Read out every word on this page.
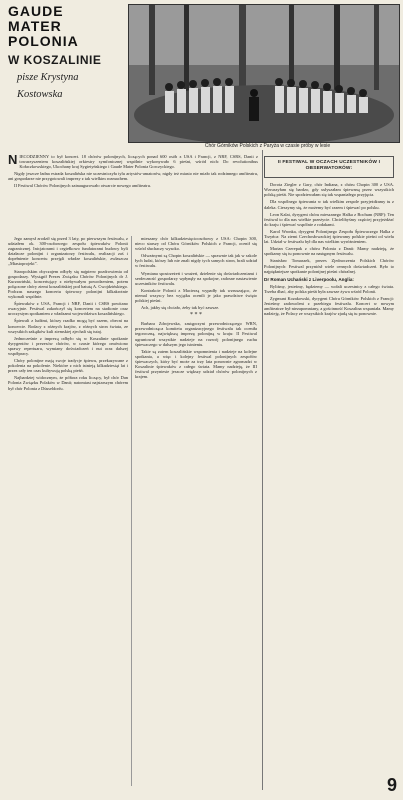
GAUDE
MATER
POLONIA
W KOSZALINIE
pisze Krystyna
Kostowska
Chór Górników Polskich z Paryża w czasie próby w lesie

NIECODZIENNY to był koncert. 18 chórów polonijnych, liczących ponad 600 osób z USA i Francji, z NRF, CSRS, Danii z towarzyszeniem koszalińskiej orkiestry symfonicznej wspólnie wykonywało 6 pieśni, wśród nich: Do revolutionibus Kołaczkowskiego, Ukochany kraj Sygietyńskiego i Gaude Mater Polonia Gorczyckiego.

Nigdy jeszcze ładna estrada koszalińska nie uczestniczyła tylu artystów-amatorów, nigdy też miasto nie miało tak rodzinnego amfiteatru, ani gospodarze nie przygotowali imprezy z tak wielkim rozmachem.

II Festiwal Chórów Polonijnych zainaugurowało otwarcie nowego amfiteatru.

Jego zamysł zrodził się przed 3 laty, po pierwszym festiwalu, z udziałem ok. 300-osobowego zespołu śpiewaków Polonii zagranicznej. Inicjatorami i cegiełkowo fundatorami budowy byli działacze polonijni i organizatorzy festiwalu, realizacji zaś i dopełnienie koncertu przejęli władze koszalińskie, zwłaszcza „Miastoprojekt”.

Staropolskim obyczajem odbyły się najpierw pozdrowienia od gospodarzy. Wystąpił Prezes Związku Chórów Polonijnych dr J. Kurzawiński, koncertujący z niebywałym powodzeniem, potem połączone chóry ziemi koszalińskiej pod batutą A. Cwojdzińskiego. Podczas naszego koncertu śpiewacy polonijni kilkakrotnie wykonali wspólnie.

Śpiewaków z USA, Francji i NRF, Danii i CSRS powitano owacyjnie. Festiwal zakończył się koncertem na stadionie oraz uroczystym spotkaniem z władzami województwa koszalińskiego.

Śpiewali z ludźmi, którzy rzadko mogą być razem, obecni na koncercie. Rodacy z różnych krajów, z różnych stron świata, ze wszystkich zakątków kuli ziemskiej zjechali się tutaj.

Jednocześnie z imprezą odbyło się w Koszalinie spotkanie dyrygentów i prezesów chórów, w czasie którego omówiono sprawy repertuaru, wymiany doświadczeń i nut oraz dalszej współpracy.

Chóry polonijne mają swoje tradycje śpiewu, przekazywane z pokolenia na pokolenie. Niektóre z nich istnieją kilkadziesiąt lat i przez cały ten czas kultywują polską pieśń.

Najbardziej widocznym, że półtora roku liczący, był chór Dan Polonia Związku Polaków w Danii; natomiast najstarszym chórem był chór Polonia z Düsseldorfu.

mieszany chór kilkudziesięcioosobowy z USA: Chopin 300, nieco starszy od Chóru Górników Polskich z Francji, ocenił się wśród słuchaczy wysoko.

Odważnymi są Chopin koszalińskie — sprawnie tak jak w szkole łych ludzi, którzy lub nie znali nigdy tych samych stron, brali udział w festiwalu.

Wymiana spostrzeżeń i wrażeń, dzielenie się doświadczeniami i serdeczność gospodarzy wpłynęły na spokojne, radosne nastawienie uczestników festiwalu.

Kontrakcie Polonii z Macierzą wypadły tak wzruszająco, że niemal wszyscy bez wyjątku ocenili je jako prawdziwe święto polskiej pieśni.

Ach, jakby się chciało, żeby tak być zawsze.

* * *

Barbara Zdrojewska, zastępczyni przewodniczącego WRN, przewodnicząca komitetu organizacyjnego festiwalu tak oceniła tegoroczną, największą imprezę polonijną w kraju: II Festiwal ugruntował wszystkie nadzieje na rozwój polonijnego ruchu śpiewaczego w dalszym jego istnieniu.

Takie są zatem koszalińskie wspomnienia i nadzieje na kolejne spotkania, a więc i kolejny festiwal polonijnych zespołów śpiewaczych, który być może za trzy lata ponownie zgromadzi w Koszalinie śpiewaków z całego świata. Mamy nadzieję, że III festiwal przyniesie jeszcze większy udział chórów polonijnych z krajem.

II FESTIWAL W OCZACH UCZESTNIKÓW I OBSERWATORÓW:

Dorota Ziegler z Gary, chór Indiana, z chóru Chopin 300 z USA. Wzruszyłam się bardzo, gdy usłyszałam śpiewaną przez wszystkich polską pieśń. Nie spodziewałam się tak wspaniałego przyjęcia.

Dla wspólnego śpiewania w tak wielkim zespole przyjeżdżamy tu z daleka. Cieszymy się, że możemy być razem i śpiewać po polsku.

Leon Kalat, dyrygent chóru mieszanego Halka z Bochum (NRF): Ten festiwal to dla nas wielkie przeżycie. Chcielibyśmy częściej przyjeżdżać do kraju i śpiewać wspólnie z rodakami.

Karol Wronka, dyrygent Polonijnego Zespołu Śpiewaczego Halka z Trzyńca: Na ziemi Czechosłowackiej śpiewamy polskie pieśni od wielu lat. Udział w festiwalu był dla nas wielkim wyróżnieniem.

Marian Czerepak z chóru Polonia z Danii: Mamy nadzieję, że spotkamy się tu ponownie na następnym festiwalu.

Stanisław Tomaszek, prezes Zjednoczenia Polskich Chórów Polonijnych: Festiwal przyniósł wiele cennych doświadczeń. Było to najpiękniejsze spotkanie polonijnej pieśni chóralnej.

Dr Roman Uchański z Liverpoolu, Anglia:

Byliśmy, jesteśmy, będziemy — wołali uczestnicy z całego świata. Trzeba dbać, aby polska pieśń była zawsze żywa wśród Polonii.

Zygmunt Kozakowski, dyrygent Chóru Górników Polskich z Francji: Jesteśmy zadowoleni z przebiegu festiwalu. Koncert w nowym amfiteatrze był niezapomniany, a gościnność Koszalina wspaniała. Mamy nadzieję, że Polacy ze wszystkich krajów zjadą się tu ponownie.

9
